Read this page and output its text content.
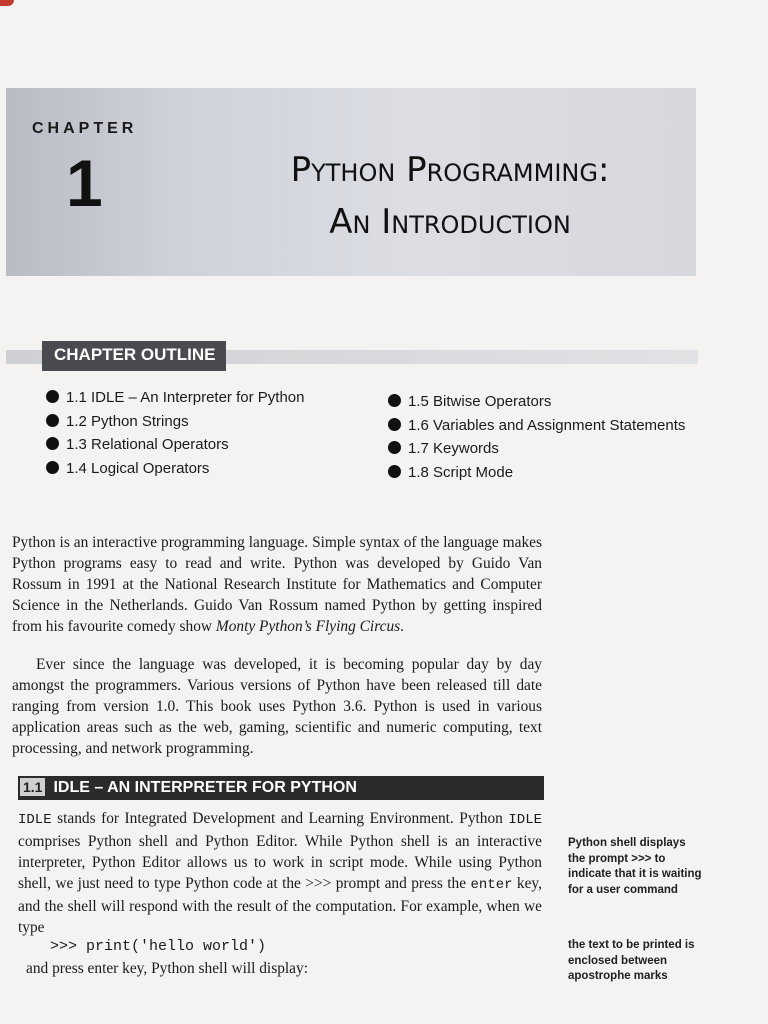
CHAPTER
1	Python Programming:
An Introduction
CHAPTER OUTLINE
1.1 IDLE – An Interpreter for Python
1.2 Python Strings
1.3 Relational Operators
1.4 Logical Operators
1.5 Bitwise Operators
1.6 Variables and Assignment Statements
1.7 Keywords
1.8 Script Mode

Python is an interactive programming language. Simple syntax of the language makes Python programs easy to read and write. Python was developed by Guido Van Rossum in 1991 at the National Research Institute for Mathematics and Computer Science in the Netherlands. Guido Van Rossum named Python by getting inspired from his favourite comedy show Monty Python’s Flying Circus.

Ever since the language was developed, it is becoming popular day by day amongst the programmers. Various versions of Python have been released till date ranging from version 1.0. This book uses Python 3.6. Python is used in various application areas such as the web, gaming, scientific and numeric computing, text processing, and network programming.

1.1 IDLE – AN INTERPRETER FOR PYTHON

IDLE stands for Integrated Development and Learning Environment. Python IDLE comprises Python shell and Python Editor. While Python shell is an interactive interpreter, Python Editor allows us to work in script mode. While using Python shell, we just need to type Python code at the >>> prompt and press the enter key, and the shell will respond with the result of the computation. For example, when we type

>>> print('hello world')
and press enter key, Python shell will display:
Python shell displays the prompt >>> to indicate that it is waiting for a user command
the text to be printed is enclosed between apostrophe marks
